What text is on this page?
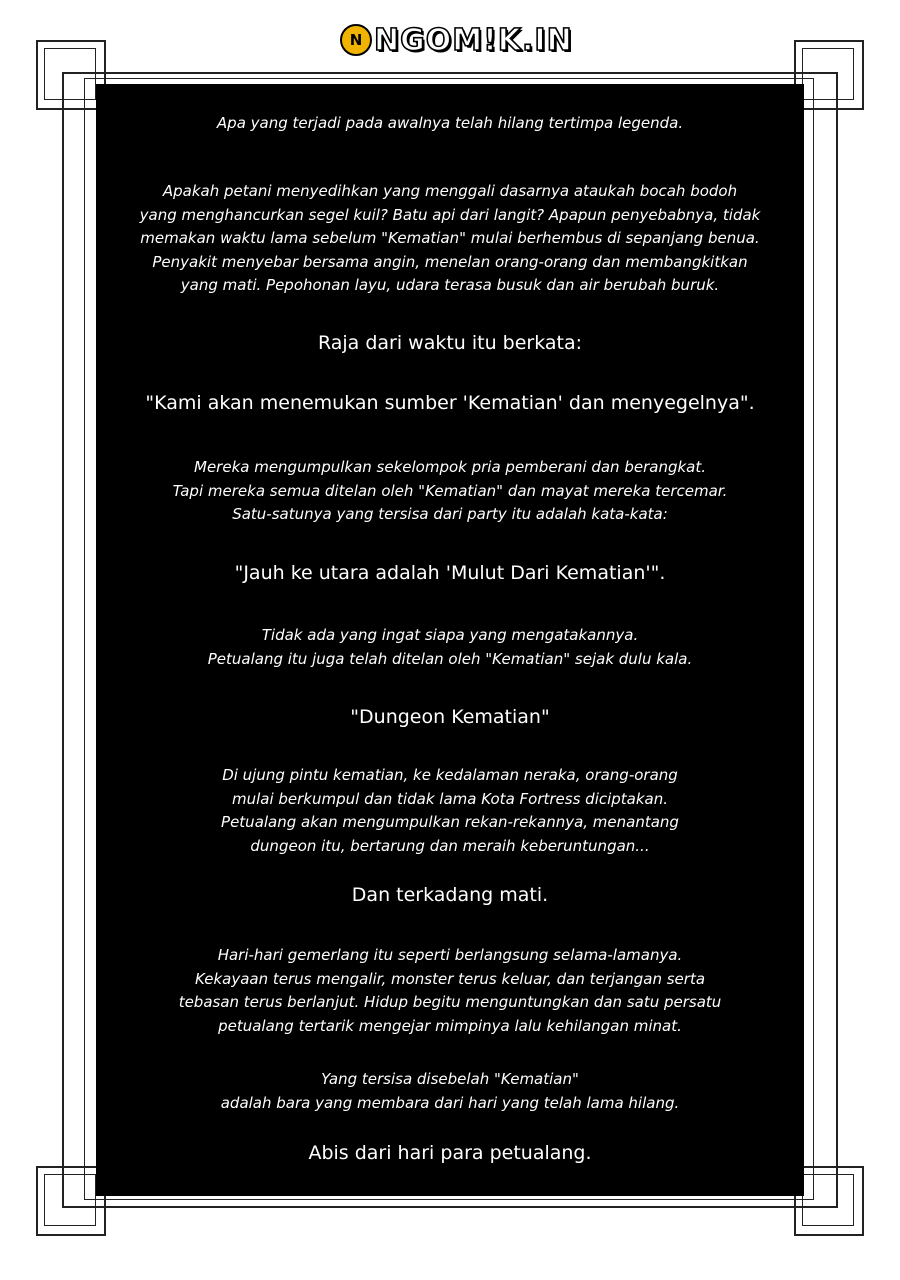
N NGOM!K.IN
Apa yang terjadi pada awalnya telah hilang tertimpa legenda.
Apakah petani menyedihkan yang menggali dasarnya ataukah bocah bodoh
yang menghancurkan segel kuil? Batu api dari langit? Apapun penyebabnya, tidak
memakan waktu lama sebelum "Kematian" mulai berhembus di sepanjang benua.
Penyakit menyebar bersama angin, menelan orang-orang dan membangkitkan
yang mati. Pepohonan layu, udara terasa busuk dan air berubah buruk.
Raja dari waktu itu berkata:
"Kami akan menemukan sumber 'Kematian' dan menyegelnya".
Mereka mengumpulkan sekelompok pria pemberani dan berangkat.
Tapi mereka semua ditelan oleh "Kematian" dan mayat mereka tercemar.
Satu-satunya yang tersisa dari party itu adalah kata-kata:
"Jauh ke utara adalah 'Mulut Dari Kematian'".
Tidak ada yang ingat siapa yang mengatakannya.
Petualang itu juga telah ditelan oleh "Kematian" sejak dulu kala.
"Dungeon Kematian"
Di ujung pintu kematian, ke kedalaman neraka, orang-orang
mulai berkumpul dan tidak lama Kota Fortress diciptakan.
Petualang akan mengumpulkan rekan-rekannya, menantang
dungeon itu, bertarung dan meraih keberuntungan...
Dan terkadang mati.
Hari-hari gemerlang itu seperti berlangsung selama-lamanya.
Kekayaan terus mengalir, monster terus keluar, dan terjangan serta
tebasan terus berlanjut. Hidup begitu menguntungkan dan satu persatu
petualang tertarik mengejar mimpinya lalu kehilangan minat.
Yang tersisa disebelah "Kematian"
adalah bara yang membara dari hari yang telah lama hilang.
Abis dari hari para petualang.
